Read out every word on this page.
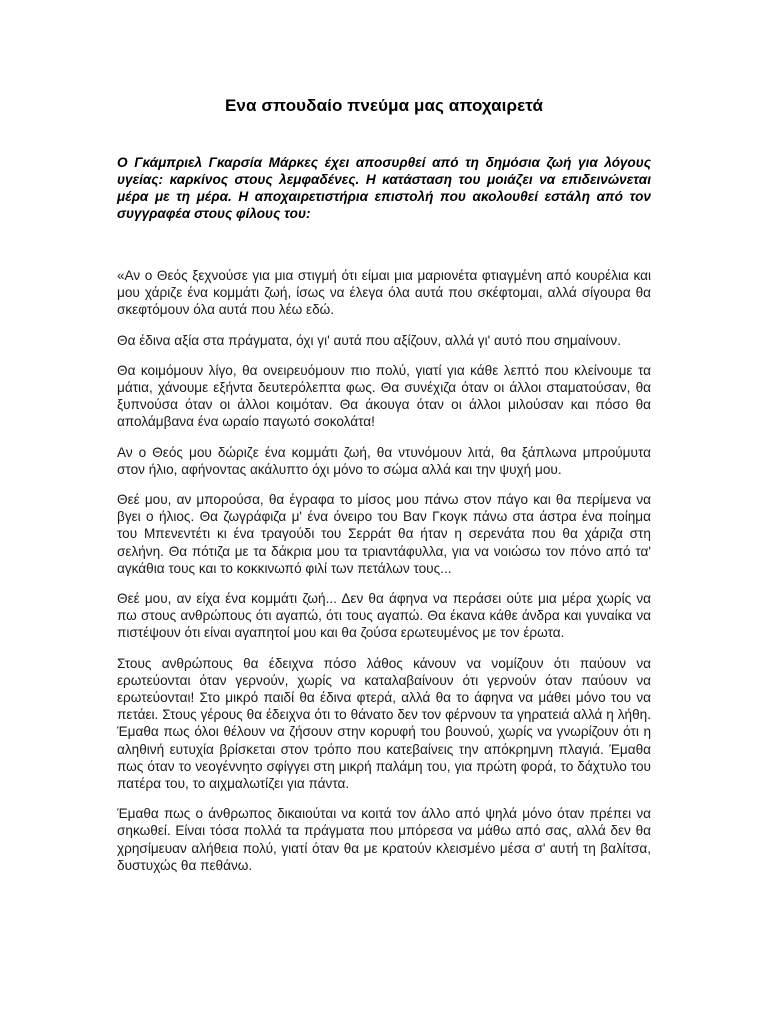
Ενα σπουδαίο πνεύμα μας αποχαιρετά

Ο Γκάμπριελ Γκαρσία Μάρκες έχει αποσυρθεί από τη δημόσια ζωή για λόγους υγείας: καρκίνος στους λεμφαδένες. Η κατάσταση του μοιάζει να επιδεινώνεται μέρα με τη μέρα. Η αποχαιρετιστήρια επιστολή που ακολουθεί εστάλη από τον συγγραφέα στους φίλους του:

«Αν ο Θεός ξεχνούσε για μια στιγμή ότι είμαι μια μαριονέτα φτιαγμένη από κουρέλια και μου χάριζε ένα κομμάτι ζωή, ίσως να έλεγα όλα αυτά που σκέφτομαι, αλλά σίγουρα θα σκεφτόμουν όλα αυτά που λέω εδώ.

Θα έδινα αξία στα πράγματα, όχι γι' αυτά που αξίζουν, αλλά γι' αυτό που σημαίνουν.

Θα κοιμόμουν λίγο, θα ονειρευόμουν πιο πολύ, γιατί για κάθε λεπτό που κλείνουμε τα μάτια, χάνουμε εξήντα δευτερόλεπτα φως. Θα συνέχιζα όταν οι άλλοι σταματούσαν, θα ξυπνούσα όταν οι άλλοι κοιμόταν. Θα άκουγα όταν οι άλλοι μιλούσαν και πόσο θα απολάμβανα ένα ωραίο παγωτό σοκολάτα!

Αν ο Θεός μου δώριζε ένα κομμάτι ζωή, θα ντυνόμουν λιτά, θα ξάπλωνα μπρούμυτα στον ήλιο, αφήνοντας ακάλυπτο όχι μόνο το σώμα αλλά και την ψυχή μου.

Θεέ μου, αν μπορούσα, θα έγραφα το μίσος μου πάνω στον πάγο και θα περίμενα να βγει ο ήλιος. Θα ζωγράφιζα μ' ένα όνειρο του Βαν Γκογκ πάνω στα άστρα ένα ποίημα του Μπενεντέτι κι ένα τραγούδι του Σερράτ θα ήταν η σερενάτα που θα χάριζα στη σελήνη. Θα πότιζα με τα δάκρια μου τα τριαντάφυλλα, για να νοιώσω τον πόνο από τα' αγκάθια τους και το κοκκινωπό φιλί των πετάλων τους...

Θεέ μου, αν είχα ένα κομμάτι ζωή... Δεν θα άφηνα να περάσει ούτε μια μέρα χωρίς να πω στους ανθρώπους ότι αγαπώ, ότι τους αγαπώ. Θα έκανα κάθε άνδρα και γυναίκα να πιστέψουν ότι είναι αγαπητοί μου και θα ζούσα ερωτευμένος με τον έρωτα.

Στους ανθρώπους θα έδειχνα πόσο λάθος κάνουν να νομίζουν ότι παύουν να ερωτεύονται όταν γερνούν, χωρίς να καταλαβαίνουν ότι γερνούν όταν παύουν να ερωτεύονται! Στο μικρό παιδί θα έδινα φτερά, αλλά θα το άφηνα να μάθει μόνο του να πετάει. Στους γέρους θα έδειχνα ότι το θάνατο δεν τον φέρνουν τα γηρατειά αλλά η λήθη. Έμαθα πως όλοι θέλουν να ζήσουν στην κορυφή του βουνού, χωρίς να γνωρίζουν ότι η αληθινή ευτυχία βρίσκεται στον τρόπο που κατεβαίνεις την απόκρημνη πλαγιά. Έμαθα πως όταν το νεογέννητο σφίγγει στη μικρή παλάμη του, για πρώτη φορά, το δάχτυλο του πατέρα του, το αιχμαλωτίζει για πάντα.

Έμαθα πως ο άνθρωπος δικαιούται να κοιτά τον άλλο από ψηλά μόνο όταν πρέπει να σηκωθεί. Είναι τόσα πολλά τα πράγματα που μπόρεσα να μάθω από σας, αλλά δεν θα χρησίμευαν αλήθεια πολύ, γιατί όταν θα με κρατούν κλεισμένο μέσα σ' αυτή τη βαλίτσα, δυστυχώς θα πεθάνω.
